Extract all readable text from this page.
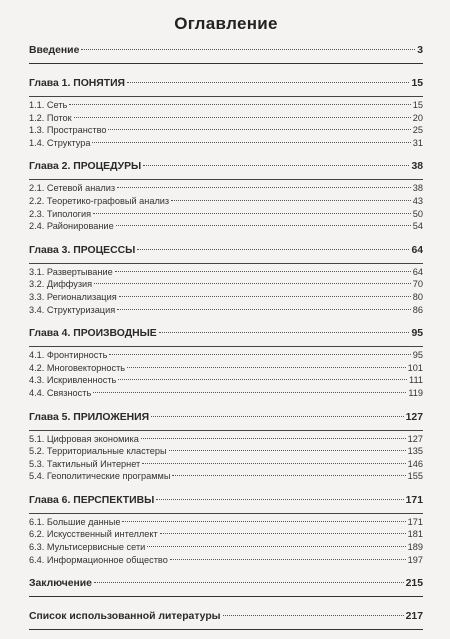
Оглавление
Введение	3
Глава 1. ПОНЯТИЯ	15
1.1. Сеть	15
1.2. Поток	20
1.3. Пространство	25
1.4. Структура	31
Глава 2. ПРОЦЕДУРЫ	38
2.1. Сетевой анализ	38
2.2. Теоретико-графовый анализ	43
2.3. Типология	50
2.4. Районирование	54
Глава 3. ПРОЦЕССЫ	64
3.1. Развертывание	64
3.2. Диффузия	70
3.3. Регионализация	80
3.4. Структуризация	86
Глава 4. ПРОИЗВОДНЫЕ	95
4.1. Фронтирность	95
4.2. Многовекторность	101
4.3. Искривленность	111
4.4. Связность	119
Глава 5. ПРИЛОЖЕНИЯ	127
5.1. Цифровая экономика	127
5.2. Территориальные кластеры	135
5.3. Тактильный Интернет	146
5.4. Геополитические программы	155
Глава 6. ПЕРСПЕКТИВЫ	171
6.1. Большие данные	171
6.2. Искусственный интеллект	181
6.3. Мультисервисные сети	189
6.4. Информационное общество	197
Заключение	215
Список использованной литературы	217
